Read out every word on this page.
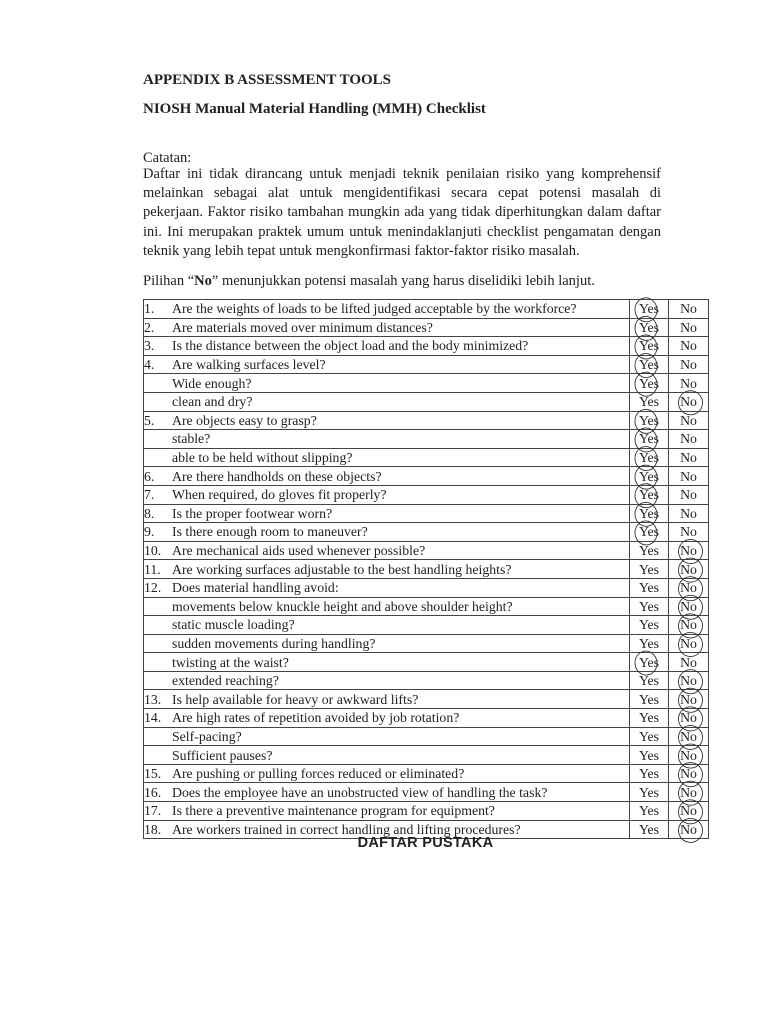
APPENDIX B ASSESSMENT TOOLS
NIOSH Manual Material Handling (MMH) Checklist
Catatan:

Daftar ini tidak dirancang untuk menjadi teknik penilaian risiko yang komprehensif melainkan sebagai alat untuk mengidentifikasi secara cepat potensi masalah di pekerjaan. Faktor risiko tambahan mungkin ada yang tidak diperhitungkan dalam daftar ini. Ini merupakan praktek umum untuk menindaklanjuti checklist pengamatan dengan teknik yang lebih tepat untuk mengkonfirmasi faktor-faktor risiko masalah.

Pilihan “No” menunjukkan potensi masalah yang harus diselidiki lebih lanjut.
1. Are the weights of loads to be lifted judged acceptable by the workforce?	Yes	No
2. Are materials moved over minimum distances?	Yes	No
3. Is the distance between the object load and the body minimized?	Yes	No
4. Are walking surfaces level?	Yes	No
Wide enough?	Yes	No
clean and dry?	Yes	No
5. Are objects easy to grasp?	Yes	No
stable?	Yes	No
able to be held without slipping?	Yes	No
6. Are there handholds on these objects?	Yes	No
7. When required, do gloves fit properly?	Yes	No
8. Is the proper footwear worn?	Yes	No
9. Is there enough room to maneuver?	Yes	No
10. Are mechanical aids used whenever possible?	Yes	No
11. Are working surfaces adjustable to the best handling heights?	Yes	No
12. Does material handling avoid:	Yes	No
movements below knuckle height and above shoulder height?	Yes	No
static muscle loading?	Yes	No
sudden movements during handling?	Yes	No
twisting at the waist?	Yes	No
extended reaching?	Yes	No
13. Is help available for heavy or awkward lifts?	Yes	No
14. Are high rates of repetition avoided by job rotation?	Yes	No
Self-pacing?	Yes	No
Sufficient pauses?	Yes	No
15. Are pushing or pulling forces reduced or eliminated?	Yes	No
16. Does the employee have an unobstructed view of handling the task?	Yes	No
17. Is there a preventive maintenance program for equipment?	Yes	No
18. Are workers trained in correct handling and lifting procedures?	Yes	No
DAFTAR PUSTAKA
